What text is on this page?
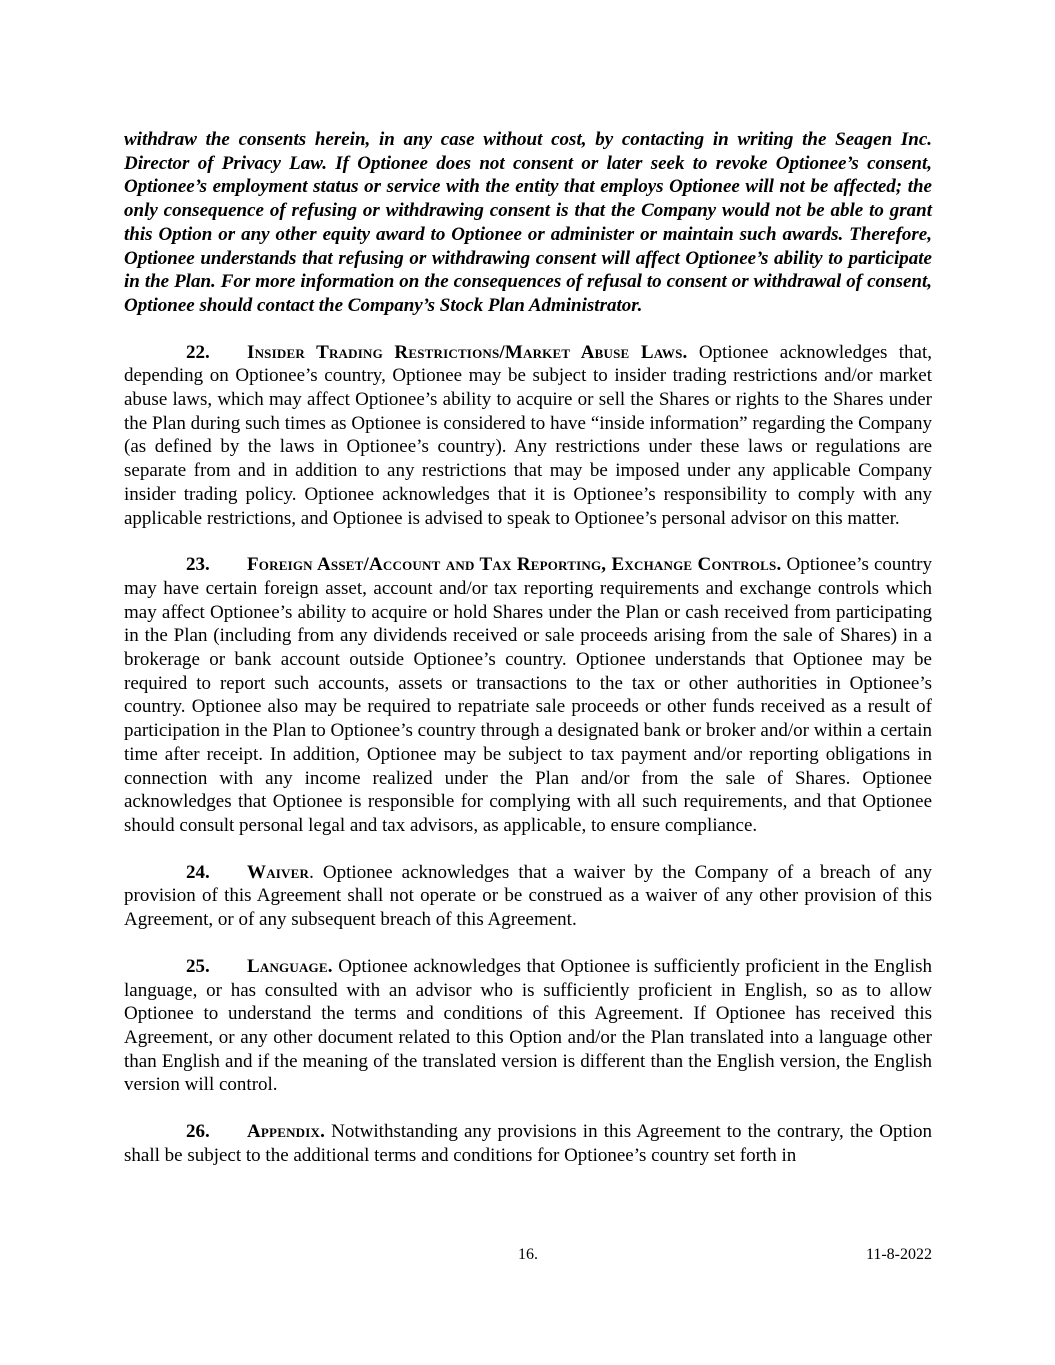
withdraw the consents herein, in any case without cost, by contacting in writing the Seagen Inc. Director of Privacy Law. If Optionee does not consent or later seek to revoke Optionee’s consent, Optionee’s employment status or service with the entity that employs Optionee will not be affected; the only consequence of refusing or withdrawing consent is that the Company would not be able to grant this Option or any other equity award to Optionee or administer or maintain such awards. Therefore, Optionee understands that refusing or withdrawing consent will affect Optionee’s ability to participate in the Plan. For more information on the consequences of refusal to consent or withdrawal of consent, Optionee should contact the Company’s Stock Plan Administrator.

22. Insider Trading Restrictions/Market Abuse Laws. Optionee acknowledges that, depending on Optionee’s country, Optionee may be subject to insider trading restrictions and/or market abuse laws, which may affect Optionee’s ability to acquire or sell the Shares or rights to the Shares under the Plan during such times as Optionee is considered to have “inside information” regarding the Company (as defined by the laws in Optionee’s country). Any restrictions under these laws or regulations are separate from and in addition to any restrictions that may be imposed under any applicable Company insider trading policy. Optionee acknowledges that it is Optionee’s responsibility to comply with any applicable restrictions, and Optionee is advised to speak to Optionee’s personal advisor on this matter.

23. Foreign Asset/Account and Tax Reporting, Exchange Controls. Optionee’s country may have certain foreign asset, account and/or tax reporting requirements and exchange controls which may affect Optionee’s ability to acquire or hold Shares under the Plan or cash received from participating in the Plan (including from any dividends received or sale proceeds arising from the sale of Shares) in a brokerage or bank account outside Optionee’s country. Optionee understands that Optionee may be required to report such accounts, assets or transactions to the tax or other authorities in Optionee’s country. Optionee also may be required to repatriate sale proceeds or other funds received as a result of participation in the Plan to Optionee’s country through a designated bank or broker and/or within a certain time after receipt. In addition, Optionee may be subject to tax payment and/or reporting obligations in connection with any income realized under the Plan and/or from the sale of Shares. Optionee acknowledges that Optionee is responsible for complying with all such requirements, and that Optionee should consult personal legal and tax advisors, as applicable, to ensure compliance.

24. Waiver. Optionee acknowledges that a waiver by the Company of a breach of any provision of this Agreement shall not operate or be construed as a waiver of any other provision of this Agreement, or of any subsequent breach of this Agreement.

25. Language. Optionee acknowledges that Optionee is sufficiently proficient in the English language, or has consulted with an advisor who is sufficiently proficient in English, so as to allow Optionee to understand the terms and conditions of this Agreement. If Optionee has received this Agreement, or any other document related to this Option and/or the Plan translated into a language other than English and if the meaning of the translated version is different than the English version, the English version will control.

26. Appendix. Notwithstanding any provisions in this Agreement to the contrary, the Option shall be subject to the additional terms and conditions for Optionee’s country set forth in

16.	11-8-2022
